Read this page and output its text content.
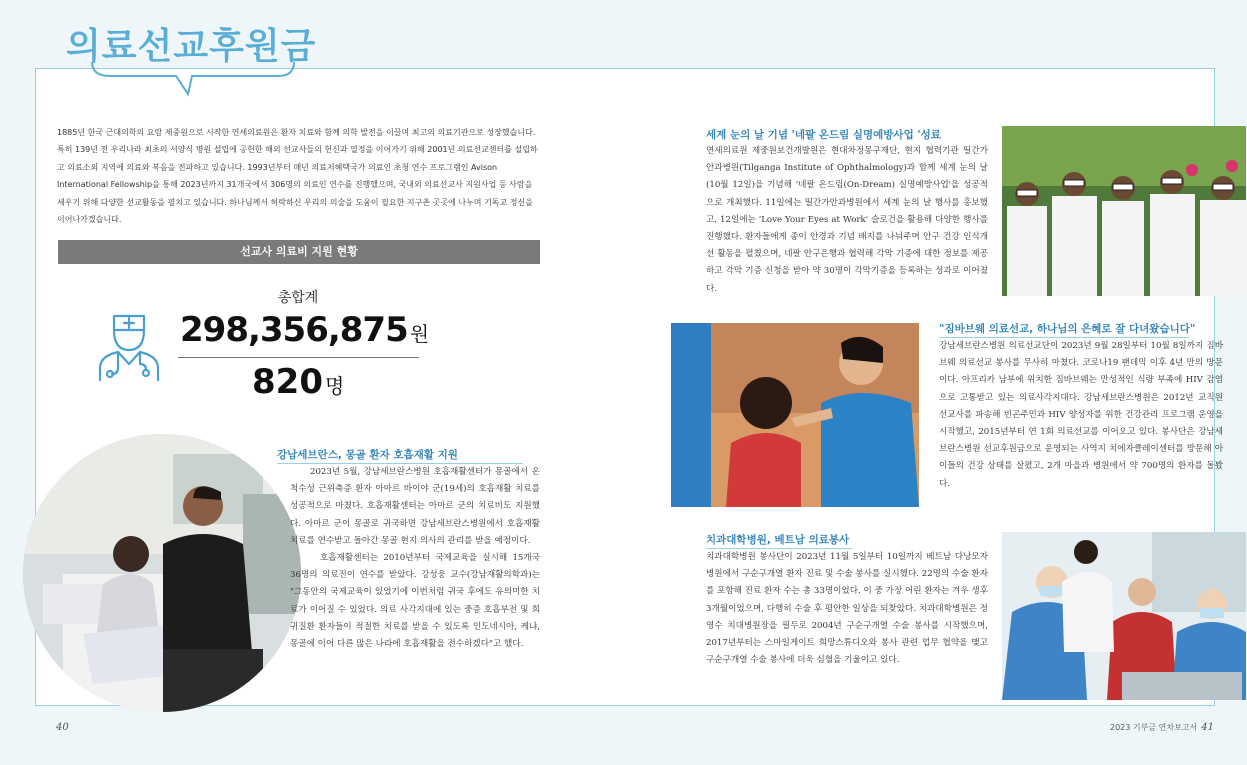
의료선교후원금
1885년 한국 근대의학의 요람 제중원으로 시작한 연세의료원은 환자 치료와 함께 의학 발전을 이끌며 최고의 의료기관으로 성장했습니다. 특히 139년 전 우리나라 최초의 서양식 병원 설립에 공헌한 해외 선교사들의 헌신과 열정을 이어가기 위해 2001년 의료선교센터를 설립하고 의료소외 지역에 의료와 복음을 전파하고 있습니다. 1993년부터 매년 의료저혜택국가 의료인 초청 연수 프로그램인 Avison International Fellowship을 통해 2023년까지 31개국에서 306명의 의료인 연수를 진행했으며, 국내외 의료선교사 지원사업 등 사람을 세우기 위해 다양한 선교활동을 펼치고 있습니다. 하나님께서 허락하신 우리의 의술을 도움이 필요한 지구촌 곳곳에 나누며 기독교 정신을 이어나가겠습니다.
선교사 의료비 지원 현황
총합계
298,356,875 원
820 명
강남세브란스, 몽골 환자 호흡재활 지원

2023년 5월, 강남세브란스병원 호흡재활센터가 몽골에서 온 척수성 근위축증 환자 아마르 바이야 군(19세)의 호흡재활 치료를 성공적으로 마쳤다. 호흡재활센터는 아마르 군의 치료비도 지원했다. 아마르 군이 몽골로 귀국하면 강남세브란스병원에서 호흡재활치료를 연수받고 돌아간 몽골 현지 의사의 관리를 받을 예정이다.

호흡재활센터는 2010년부터 국제교육을 실시해 15개국 36명의 의료진이 연수를 받았다. 강성웅 교수(강남재활의학과)는 "그동안의 국제교육이 있었기에 이번처럼 귀국 후에도 유의미한 치료가 이어질 수 있었다. 의료 사각지대에 있는 중증 호흡부전 및 희귀질환 환자들이 적절한 치료를 받을 수 있도록 인도네시아, 케냐, 몽골에 이어 다른 많은 나라에 호흡재활을 전수하겠다"고 했다.

세계 눈의 날 기념 '네팔 온드림 실명예방사업 '성료
연세의료원 제중원보건개발원은 현대차정몽구재단, 현지 협력기관 띨간가안과병원(Tilganga Institute of Ophthalmology)과 함께 세계 눈의 날(10월 12일)을 기념해 '네팔 온드림(On-Dream) 실명예방사업'을 성공적으로 개최했다. 11일에는 띨간가안과병원에서 세계 눈의 날 행사를 홍보했고, 12일에는 'Love Your Eyes at Work' 슬로건을 활용해 다양한 행사를 진행했다. 환자들에게 종이 안경과 기념 배지를 나눠주며 안구 건강 인식개선 활동을 펼쳤으며, 네팔 안구은행과 협력해 각막 기증에 대한 정보를 제공하고 각막 기증 신청을 받아 약 30명이 각막기증을 등록하는 성과로 이어졌다.
"짐바브웨 의료선교, 하나님의 은혜로 잘 다녀왔습니다"
강남세브란스병원 의료선교단이 2023년 9월 28일부터 10월 8일까지 짐바브웨 의료선교 봉사를 무사히 마쳤다. 코로나19 팬데믹 이후 4년 만의 방문이다. 아프리카 남부에 위치한 짐바브웨는 만성적인 식량 부족에 HIV 감염으로 고통받고 있는 의료사각지대다. 강남세브란스병원은 2012년 교직원 선교사를 파송해 빈곤주민과 HIV 양성자를 위한 건강관리 프로그램 운영을 시작했고, 2015년부터 연 1회 의료선교를 이어오고 있다. 봉사단은 강남세브란스병원 선교후원금으로 운영되는 사역지 치에자클레이센터를 방문해 아이들의 건강 상태를 살폈고, 2개 마을과 병원에서 약 700명의 환자를 돌봤다.
치과대학병원, 베트남 의료봉사
치과대학병원 봉사단이 2023년 11월 5일부터 10일까지 베트남 다낭모자병원에서 구순구개열 환자 진료 및 수술 봉사를 실시했다. 22명의 수술 환자를 포함해 진료 환자 수는 총 33명이었다. 이 중 가장 어린 환자는 겨우 생후 3개월이었으며, 다행히 수술 후 평안한 일상을 되찾았다. 치과대학병원은 정영수 치대병원장을 필두로 2004년 구순구개열 수술 봉사를 시작했으며, 2017년부터는 스마일게이트 희망스튜디오와 봉사 관련 업무 협약을 맺고 구순구개열 수술 봉사에 더욱 심혈을 기울이고 있다.
40	2023 기부금 연차보고서 41
